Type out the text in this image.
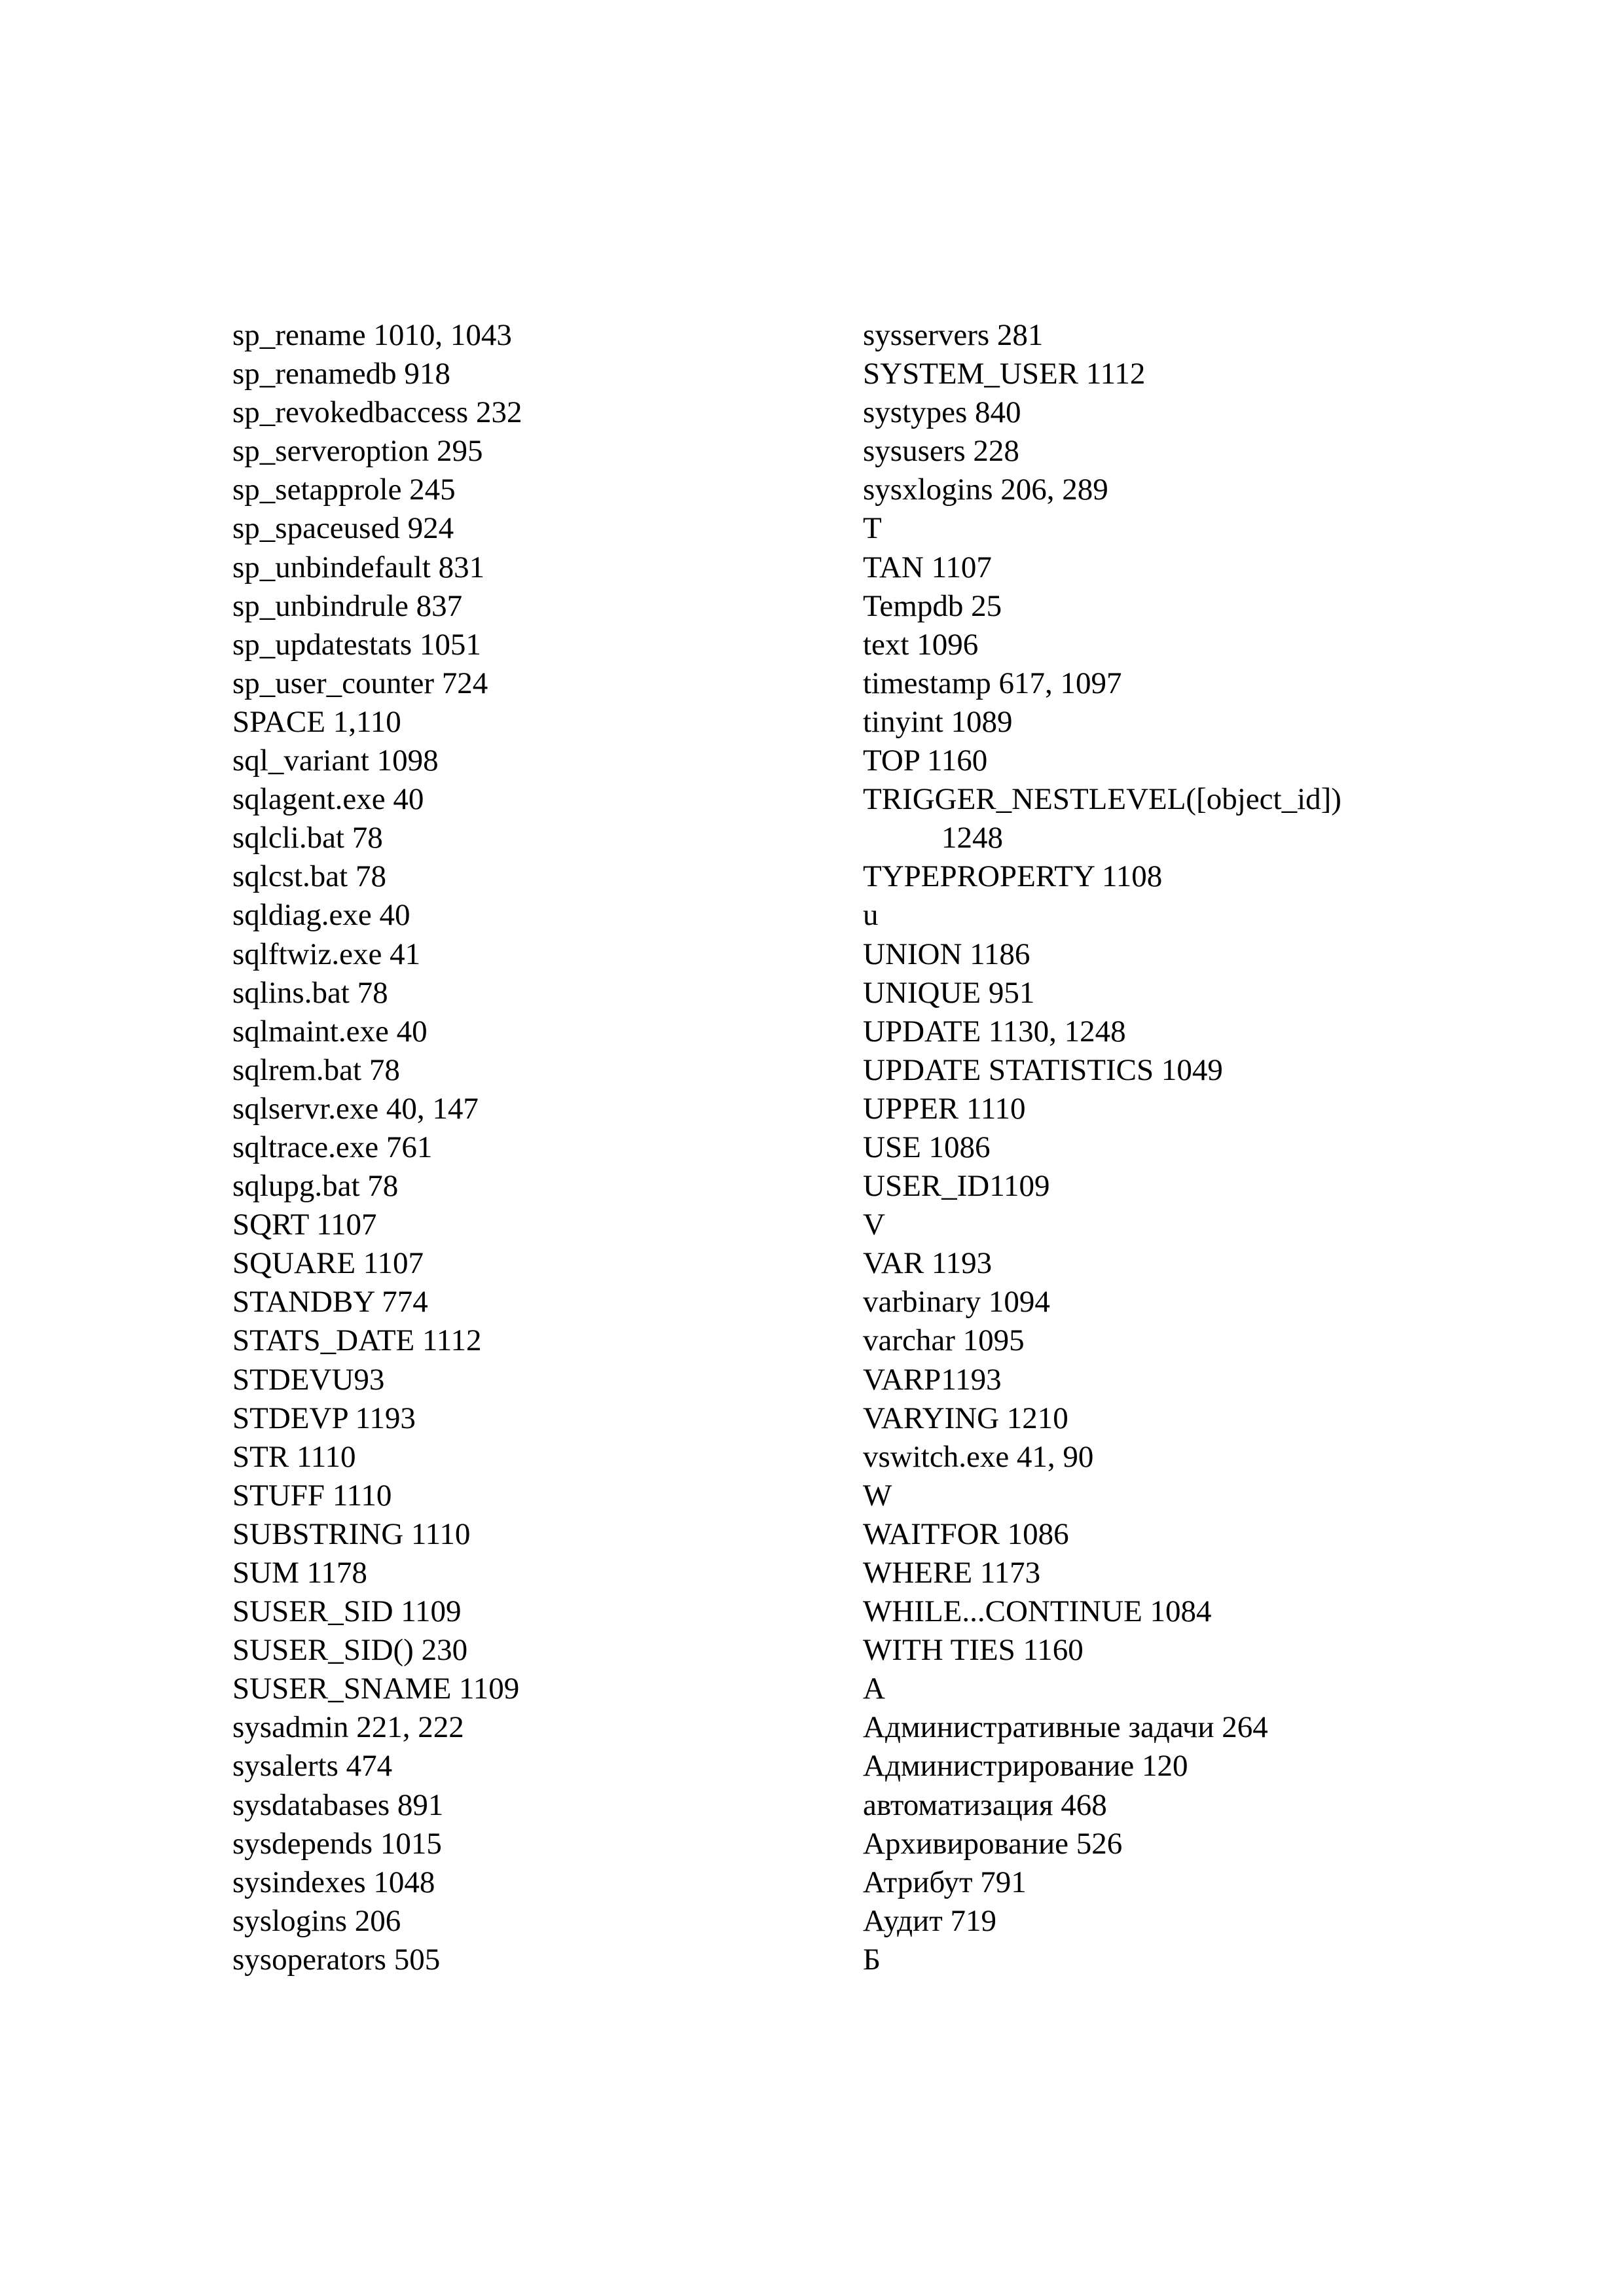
sp_rename 1010, 1043
sp_renamedb 918
sp_revokedbaccess 232
sp_serveroption 295
sp_setapprole 245
sp_spaceused 924
sp_unbindefault 831
sp_unbindrule 837
sp_updatestats 1051
sp_user_counter 724
SPACE 1,110
sql_variant 1098
sqlagent.exe 40
sqlcli.bat 78
sqlcst.bat 78
sqldiag.exe 40
sqlftwiz.exe 41
sqlins.bat 78
sqlmaint.exe 40
sqlrem.bat 78
sqlservr.exe 40, 147
sqltrace.exe 761
sqlupg.bat 78
SQRT 1107
SQUARE 1107
STANDBY 774
STATS_DATE 1112
STDEVU93
STDEVP 1193
STR 1110
STUFF 1110
SUBSTRING 1110
SUM 1178
SUSER_SID 1109
SUSER_SID() 230
SUSER_SNAME 1109
sysadmin 221, 222
sysalerts 474
sysdatabases 891
sysdepends 1015
sysindexes 1048
syslogins 206
sysoperators 505
sysservers 281
SYSTEM_USER 1112
systypes 840
sysusers 228
sysxlogins 206, 289
T
TAN 1107
Tempdb 25
text 1096
timestamp 617, 1097
tinyint 1089
TOP 1160
TRIGGER_NESTLEVEL([object_id])
1248
TYPEPROPERTY 1108
u
UNION 1186
UNIQUE 951
UPDATE 1130, 1248
UPDATE STATISTICS 1049
UPPER 1110
USE 1086
USER_ID1109
V
VAR 1193
varbinary 1094
varchar 1095
VARP1193
VARYING 1210
vswitch.exe 41, 90
W
WAITFOR 1086
WHERE 1173
WHILE...CONTINUE 1084
WITH TIES 1160
А
Административные задачи 264
Администрирование 120
автоматизация 468
Архивирование 526
Атрибут 791
Аудит 719
Б
